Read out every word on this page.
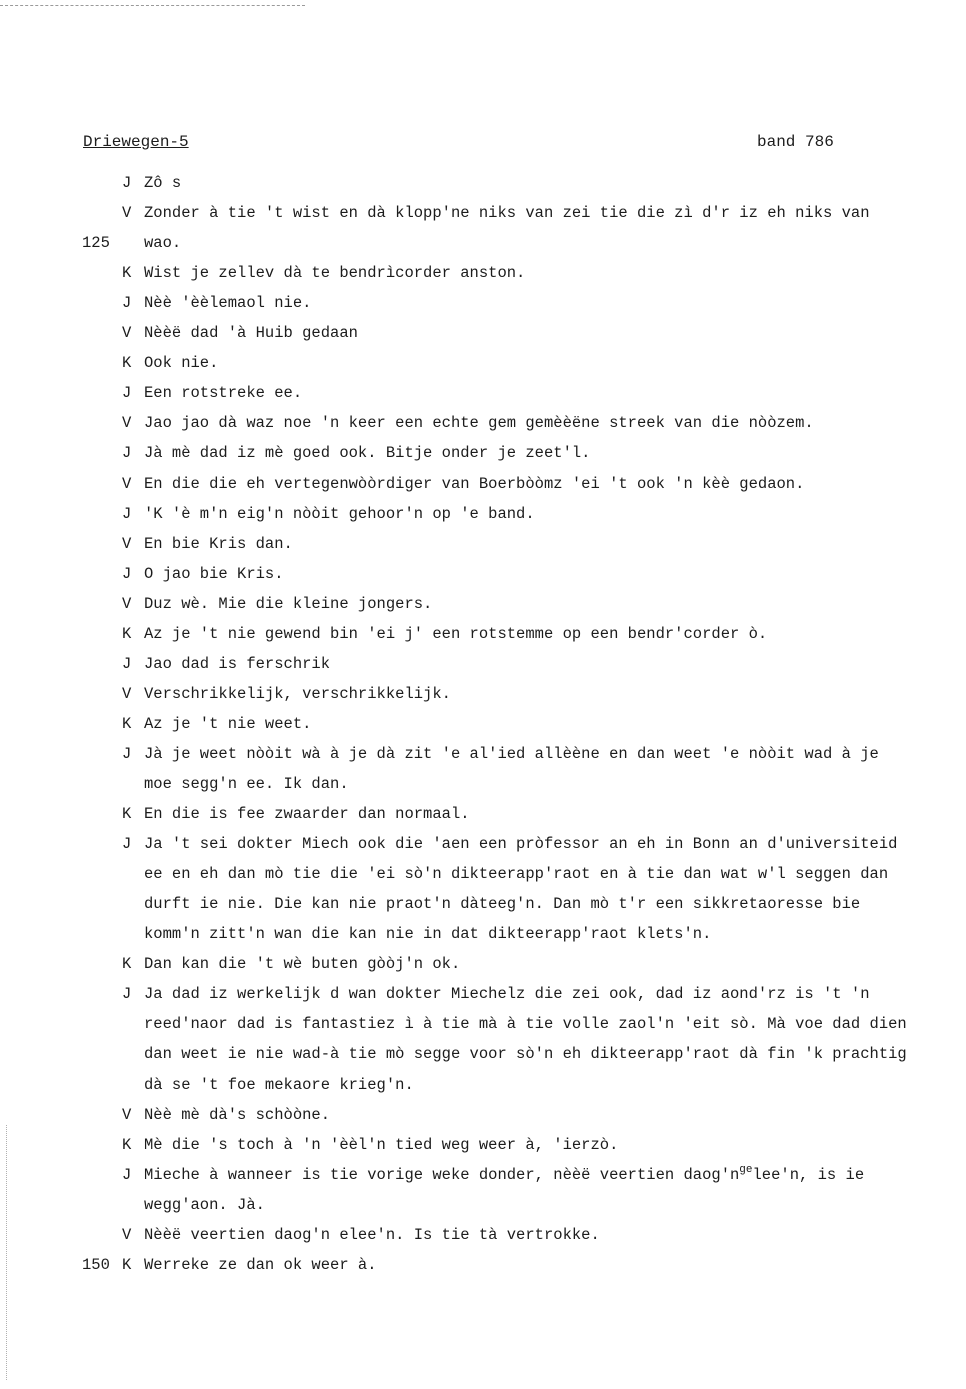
Driewegen-5	band 786
J Zô s
V Zonder à tie 't wist en dà klopp'ne niks van zei tie die zì d'r iz eh niks van
125 wao.
K Wist je zellev dà te bendrìcorder anston.
J Nèè 'èèlemaol nie.
V Nèèë dad 'à Huib gedaan
K Ook nie.
J Een rotstreke ee.
V Jao jao dà waz noe 'n keer een echte gem gemèèëne streek van die nòòzem.
J Jà mè dad iz mè goed ook. Bitje onder je zeet'l.
V En die die eh vertegenwòòrdiger van Boerbòòmz 'ei 't ook 'n kèè gedaon.
J 'K 'è m'n eig'n nòòit gehoor'n op 'e band.
V En bie Kris dan.
J O jao bie Kris.
V Duz wè. Mie die kleine jongers.
K Az je 't nie gewend bin 'ei j' een rotstemme op een bendr'corder ò.
J Jao dad is ferschrik
V Verschrikkelijk, verschrikkelijk.
K Az je 't nie weet.
J Jà je weet nòòit wà à je dà zit 'e al'ied allèène en dan weet 'e nòòit wad à je
moe segg'n ee. Ik dan.
K En die is fee zwaarder dan normaal.
J Ja 't sei dokter Miech ook die 'aen een pròfessor an eh in Bonn an d'universiteid
ee en eh dan mò tie die 'ei sò'n dikteerapp'raot en à tie dan wat w'l seggen dan
durft ie nie. Die kan nie praot'n dàteeg'n. Dan mò t'r een sikkretaoresse bie
komm'n zitt'n wan die kan nie in dat dikteerapp'raot klets'n.
K Dan kan die 't wè buten gòòj'n ok.
J Ja dad iz werkelijk d wan dokter Miechelz die zei ook, dad iz aond'rz is 't 'n
reed'naor dad is fantastiez ì à tie mà à tie volle zaol'n 'eit sò. Mà voe dad dien
dan weet ie nie wad-à tie mò segge voor sò'n eh dikteerapp'raot dà fin 'k prachtig
dà se 't foe mekaore krieg'n.
V Nèè mè dà's schòòne.
K Mè die 's toch à 'n 'èèl'n tied weg weer à, 'ierzò.
J Mieche à wanneer is tie vorige weke donder, nèèë veertien $daog'n^{ge}lee'n$, is ie
wegg'aon. Jà.
V Nèèë veertien daog'n elee'n. Is tie tà vertrokke.
150 K Werreke ze dan ok weer à.
